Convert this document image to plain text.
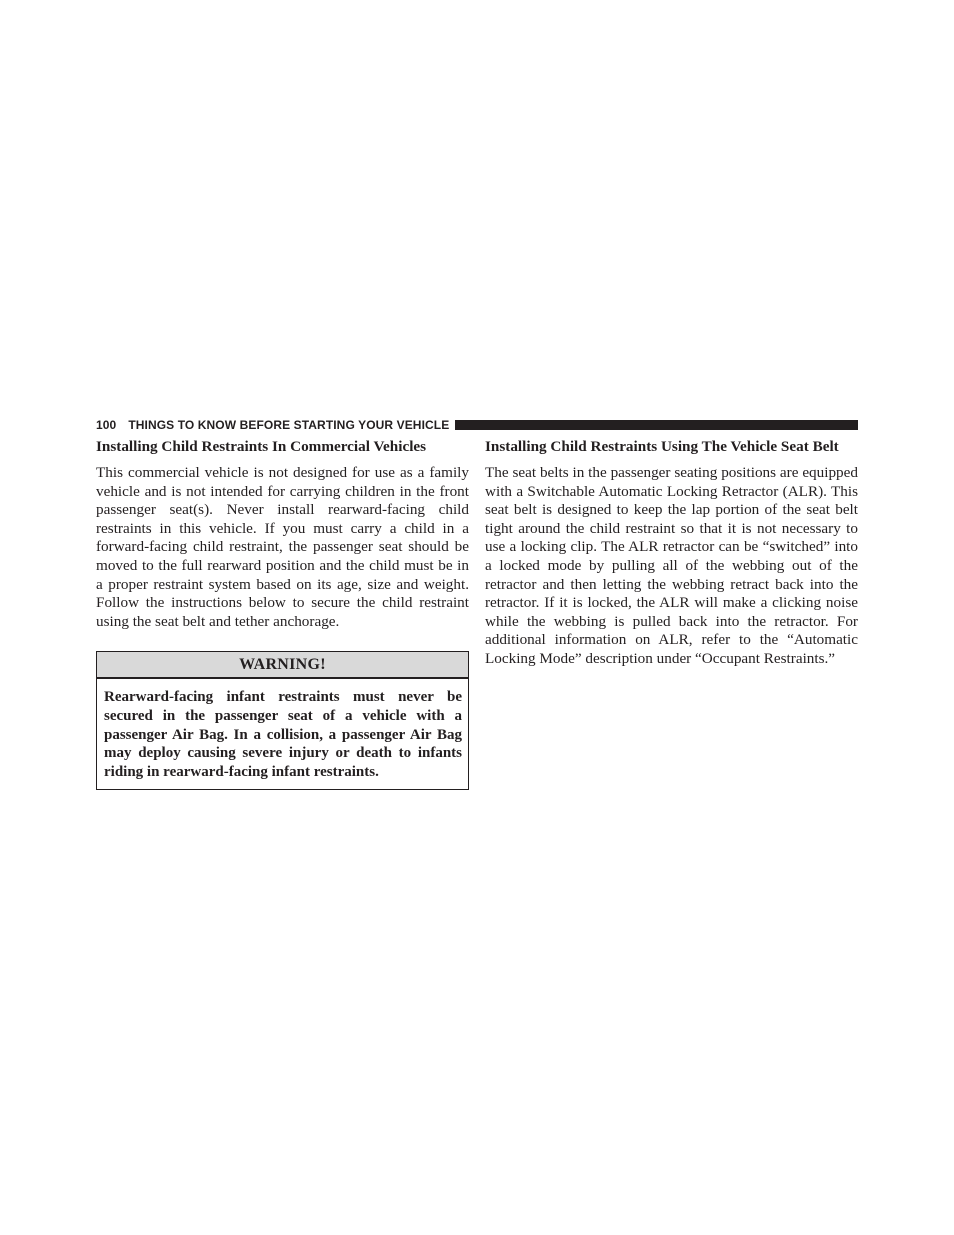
100 THINGS TO KNOW BEFORE STARTING YOUR VEHICLE
Installing Child Restraints In Commercial Vehicles

This commercial vehicle is not designed for use as a family vehicle and is not intended for carrying children in the front passenger seat(s). Never install rearward-facing child restraints in this vehicle. If you must carry a child in a forward-facing child restraint, the passenger seat should be moved to the full rearward position and the child must be in a proper restraint system based on its age, size and weight. Follow the instructions below to secure the child restraint using the seat belt and tether anchorage.

WARNING!

Rearward-facing infant restraints must never be secured in the passenger seat of a vehicle with a passenger Air Bag. In a collision, a passenger Air Bag may deploy causing severe injury or death to infants riding in rearward-facing infant restraints.

Installing Child Restraints Using The Vehicle Seat Belt

The seat belts in the passenger seating positions are equipped with a Switchable Automatic Locking Retractor (ALR). This seat belt is designed to keep the lap portion of the seat belt tight around the child restraint so that it is not necessary to use a locking clip. The ALR retractor can be “switched” into a locked mode by pulling all of the webbing out of the retractor and then letting the webbing retract back into the retractor. If it is locked, the ALR will make a clicking noise while the webbing is pulled back into the retractor. For additional information on ALR, refer to the “Automatic Locking Mode” description under “Occupant Restraints.”
